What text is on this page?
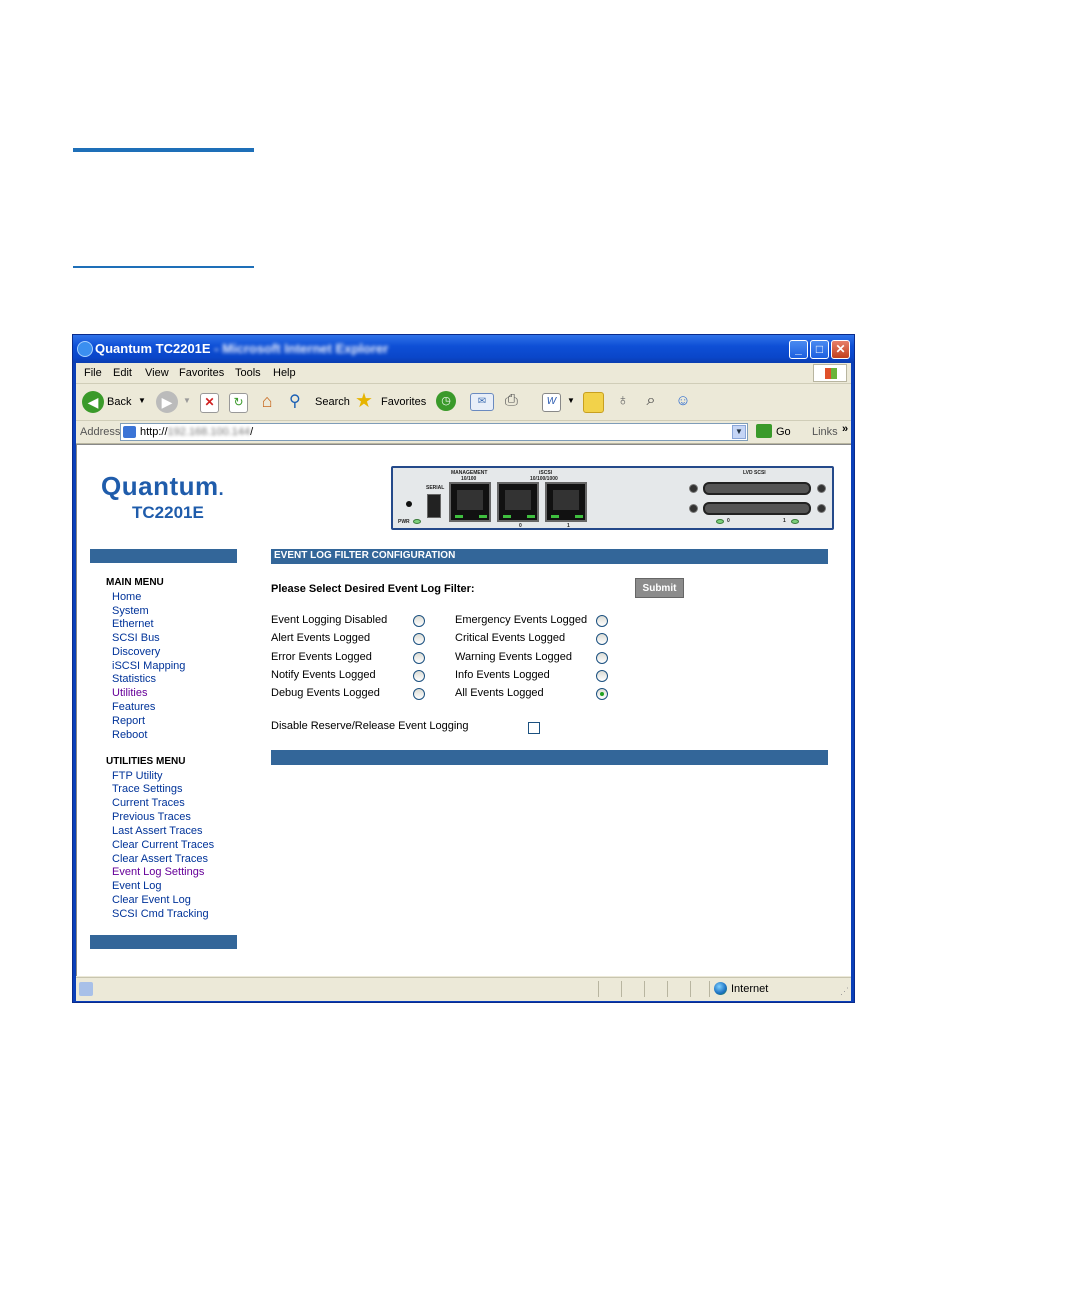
Quantum TC2201E - Microsoft Internet Explorer	_	□	✕
File Edit View Favorites Tools Help
◀ Back ▼	▶	▼	✕	↻ ⌂ ⚲	Search ★ Favorites	◷	✉	⎙	W	▼	♁	⌕	☺
Address http://192.168.100.144/	▼	Go Links »
Quantum.
TC2201E
MANAGEMENT
10/100
iSCSI
10/100/1000
SERIAL
PWR
0	1
LVD SCSI
0	1
EVENT LOG FILTER CONFIGURATION
MAIN MENU
Home
System
Ethernet
SCSI Bus
Discovery
iSCSI Mapping
Statistics
Utilities
Features
Report
Reboot
UTILITIES MENU
FTP Utility
Trace Settings
Current Traces
Previous Traces
Last Assert Traces
Clear Current Traces
Clear Assert Traces
Event Log Settings
Event Log
Clear Event Log
SCSI Cmd Tracking
Please Select Desired Event Log Filter:	Submit
Event Logging Disabled	Emergency Events Logged
Alert Events Logged	Critical Events Logged
Error Events Logged	Warning Events Logged
Notify Events Logged	Info Events Logged
Debug Events Logged	All Events Logged
Disable Reserve/Release Event Logging
Internet	⋰
